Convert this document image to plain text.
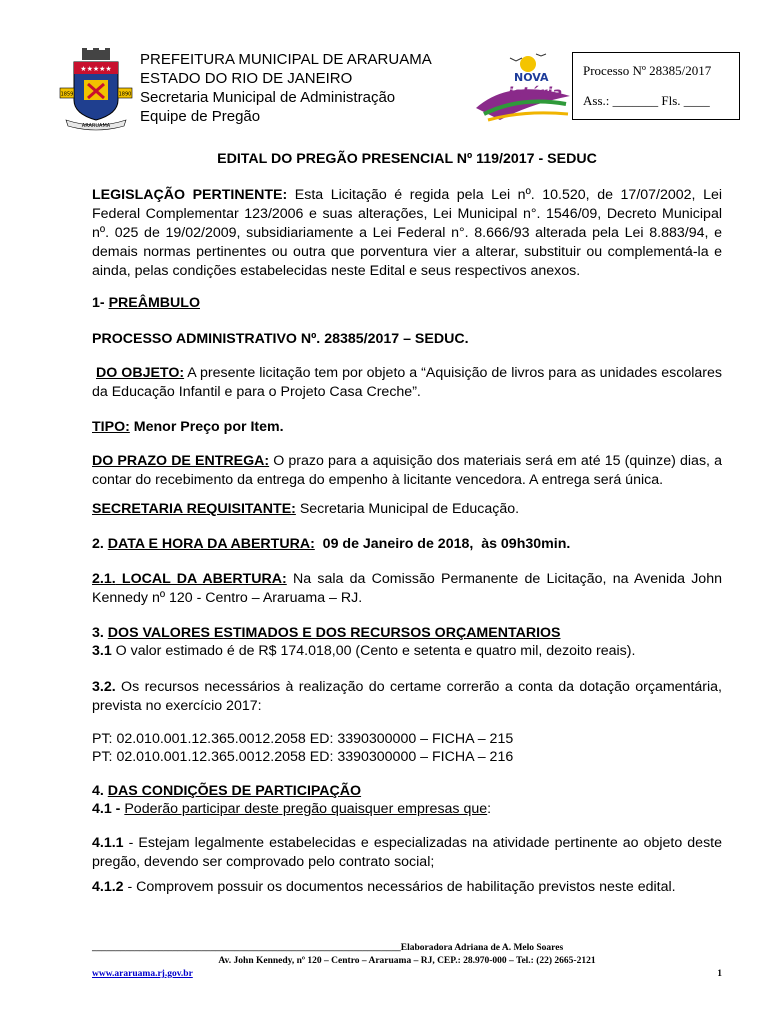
★★★★★
1859	1890
ARARUAMA
PREFEITURA MUNICIPAL DE ARARUAMA
ESTADO DO RIO DE JANEIRO
Secretaria Municipal de Administração
Equipe de Pregão
NOVA
istória
Processo Nº 28385/2017
Ass.: _______ Fls. ____
EDITAL DO PREGÃO PRESENCIAL Nº 119/2017 - SEDUC
LEGISLAÇÃO PERTINENTE: Esta Licitação é regida pela Lei nº. 10.520, de 17/07/2002, Lei Federal Complementar 123/2006 e suas alterações, Lei Municipal n°. 1546/09, Decreto Municipal nº. 025 de 19/02/2009, subsidiariamente a Lei Federal n°. 8.666/93 alterada pela Lei 8.883/94, e demais normas pertinentes ou outra que porventura vier a alterar, substituir ou complementá-la e ainda, pelas condições estabelecidas neste Edital e seus respectivos anexos.
1- PREÂMBULO
PROCESSO ADMINISTRATIVO Nº. 28385/2017 – SEDUC.
DO OBJETO: A presente licitação tem por objeto a “Aquisição de livros para as unidades escolares da Educação Infantil e para o Projeto Casa Creche”.
TIPO: Menor Preço por Item.
DO PRAZO DE ENTREGA: O prazo para a aquisição dos materiais será em até 15 (quinze) dias, a contar do recebimento da entrega do empenho à licitante vencedora. A entrega será única.
SECRETARIA REQUISITANTE: Secretaria Municipal de Educação.
2. DATA E HORA DA ABERTURA:  09 de Janeiro de 2018,  às 09h30min.
2.1. LOCAL DA ABERTURA: Na sala da Comissão Permanente de Licitação, na Avenida John Kennedy nº 120 - Centro – Araruama – RJ.
3. DOS VALORES ESTIMADOS E DOS RECURSOS ORÇAMENTARIOS
3.1 O valor estimado é de R$ 174.018,00 (Cento e setenta e quatro mil, dezoito reais).
3.2. Os recursos necessários à realização do certame correrão a conta da dotação orçamentária, prevista no exercício 2017:
PT: 02.010.001.12.365.0012.2058 ED: 3390300000 – FICHA – 215
PT: 02.010.001.12.365.0012.2058 ED: 3390300000 – FICHA – 216
4. DAS CONDIÇÕES DE PARTICIPAÇÃO
4.1 - Poderão participar deste pregão quaisquer empresas que:
4.1.1 - Estejam legalmente estabelecidas e especializadas na atividade pertinente ao objeto deste pregão, devendo ser comprovado pelo contrato social;
4.1.2 - Comprovem possuir os documentos necessários de habilitação previstos neste edital.
_________________________________________________________________Elaboradora Adriana de A. Melo Soares
Av. John Kennedy, nº 120 – Centro – Araruama – RJ, CEP.: 28.970-000 – Tel.: (22) 2665-2121
www.araruama.rj.gov.br	1
